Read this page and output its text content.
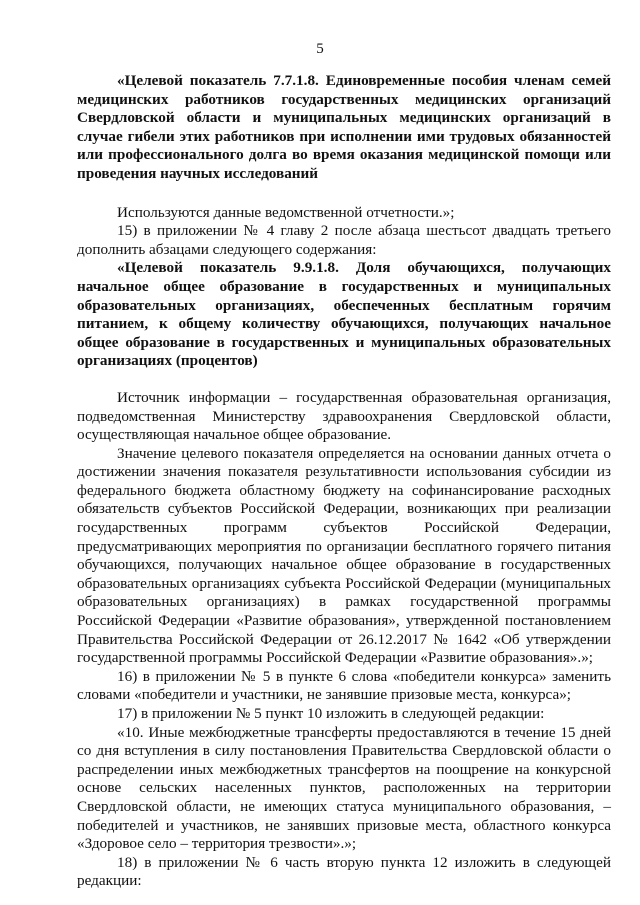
5

«Целевой показатель 7.7.1.8. Единовременные пособия членам семей медицинских работников государственных медицинских организаций Свердловской области и муниципальных медицинских организаций в случае гибели этих работников при исполнении ими трудовых обязанностей или профессионального долга во время оказания медицинской помощи или проведения научных исследований

Используются данные ведомственной отчетности.»;

15) в приложении № 4 главу 2 после абзаца шестьсот двадцать третьего дополнить абзацами следующего содержания:

«Целевой показатель 9.9.1.8. Доля обучающихся, получающих начальное общее образование в государственных и муниципальных образовательных организациях, обеспеченных бесплатным горячим питанием, к общему количеству обучающихся, получающих начальное общее образование в государственных и муниципальных образовательных организациях (процентов)

Источник информации – государственная образовательная организация, подведомственная Министерству здравоохранения Свердловской области, осуществляющая начальное общее образование.

Значение целевого показателя определяется на основании данных отчета о достижении значения показателя результативности использования субсидии из федерального бюджета областному бюджету на софинансирование расходных обязательств субъектов Российской Федерации, возникающих при реализации государственных программ субъектов Российской Федерации, предусматривающих мероприятия по организации бесплатного горячего питания обучающихся, получающих начальное общее образование в государственных образовательных организациях субъекта Российской Федерации (муниципальных образовательных организациях) в рамках государственной программы Российской Федерации «Развитие образования», утвержденной постановлением Правительства Российской Федерации от 26.12.2017 № 1642 «Об утверждении государственной программы Российской Федерации «Развитие образования».»;

16) в приложении № 5 в пункте 6 слова «победители конкурса» заменить словами «победители и участники, не занявшие призовые места, конкурса»;

17) в приложении № 5 пункт 10 изложить в следующей редакции:

«10. Иные межбюджетные трансферты предоставляются в течение 15 дней со дня вступления в силу постановления Правительства Свердловской области о распределении иных межбюджетных трансфертов на поощрение на конкурсной основе сельских населенных пунктов, расположенных на территории Свердловской области, не имеющих статуса муниципального образования, – победителей и участников, не занявших призовые места, областного конкурса «Здоровое село – территория трезвости».»;

18) в приложении № 6 часть вторую пункта 12 изложить в следующей редакции:
